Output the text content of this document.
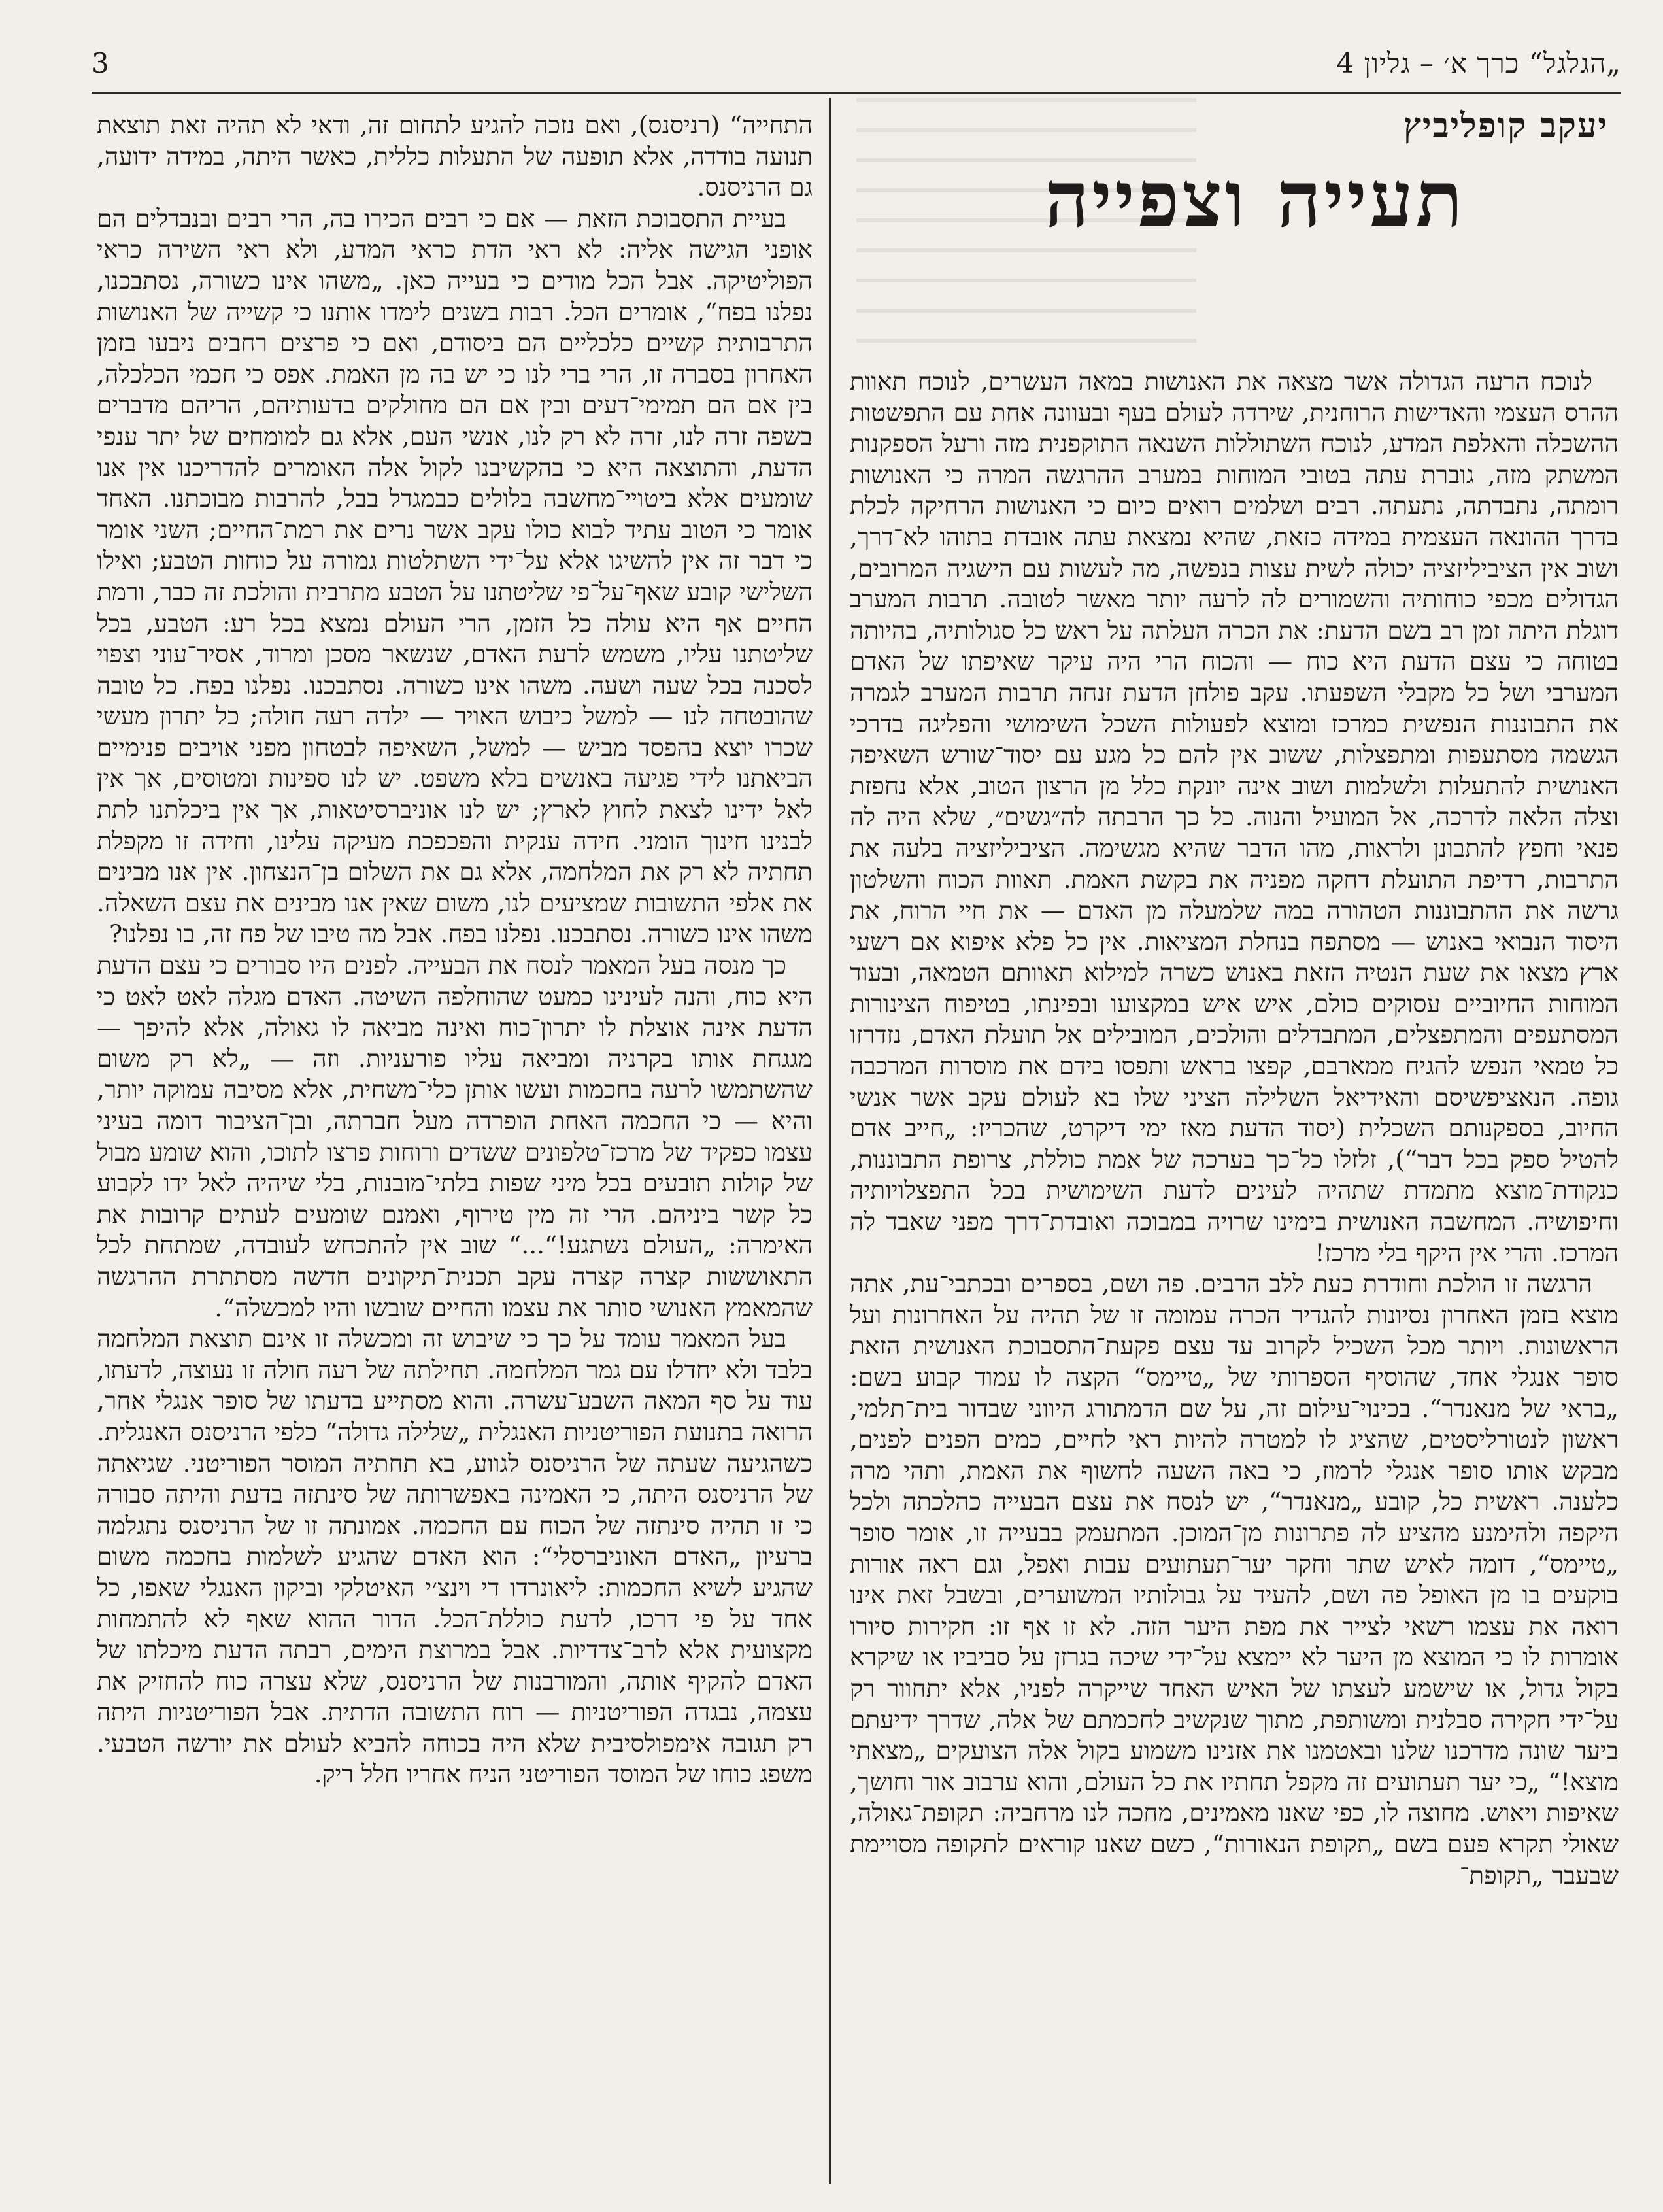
„הגלגל“ כרך א׳ – גליון 4
3
יעקב קופליביץ
תעייה וצפייה

לנוכח הרעה הגדולה אשר מצאה את האנושות במאה העשרים, לנוכח תאוות ההרס העצמי והאדישות הרוחנית, שירדה לעולם בעף ובעוונה אחת עם התפשטות ההשכלה והאלפת המדע, לנוכח השתוללות השנאה התוקפנית מזה ורעל הספקנות המשתק מזה, גוברת עתה בטובי המוחות במערב ההרגשה המרה כי האנושות רומתה, נתבדתה, נתעתה. רבים ושלמים רואים כיום כי האנושות הרחיקה לכלת בדרך ההונאה העצמית במידה כזאת, שהיא נמצאת עתה אובדת בתוהו לא־דרך, ושוב אין הציביליזציה יכולה לשית עצות בנפשה, מה לעשות עם הישגיה המרובים, הגדולים מכפי כוחותיה והשמורים לה לרעה יותר מאשר לטובה. תרבות המערב דוגלת היתה זמן רב בשם הדעת: את הכרה העלתה על ראש כל סגולותיה, בהיותה בטוחה כי עצם הדעת היא כוח — והכוח הרי היה עיקר שאיפתו של האדם המערבי ושל כל מקבלי השפעתו. עקב פולחן הדעת זנחה תרבות המערב לגמרה את התבוננות הנפשית כמרכז ומוצא לפעולות השכל השימושי והפליגה בדרכי הגשמה מסתעפות ומתפצלות, ששוב אין להם כל מגע עם יסוד־שורש השאיפה האנושית להתעלות ולשלמות ושוב אינה יונקת כלל מן הרצון הטוב, אלא נחפזת וצלה הלאה לדרכה, אל המועיל והנוה. כל כך הרבתה לה״גשים״, שלא היה לה פנאי וחפץ להתבונן ולראות, מהו הדבר שהיא מגשימה. הציביליזציה בלעה את התרבות, רדיפת התועלת דחקה מפניה את בקשת האמת. תאוות הכוח והשלטון גרשה את ההתבוננות הטהורה במה שלמעלה מן האדם — את חיי הרוח, את היסוד הנבואי באנוש — מסתפח בנחלת המציאות. אין כל פלא איפוא אם רשעי ארץ מצאו את שעת הנטיה הזאת באנוש כשרה למילוא תאוותם הטמאה, ובעוד המוחות החיוביים עסוקים כולם, איש איש במקצועו ובפינתו, בטיפוח הצינורות המסתעפים והמתפצלים, המתבדלים והולכים, המובילים אל תועלת האדם, נזדרזו כל טמאי הנפש להגיח ממארבם, קפצו בראש ותפסו בידם את מוסרות המרכבה גופה. הנאציפשיסם והאידיאל השלילה הציני שלו בא לעולם עקב אשר אנשי החיוב, בספקנותם השכלית (יסוד הדעת מאז ימי דיקרט, שהכריז: „חייב אדם להטיל ספק בכל דבר“), זלזלו כל־כך בערכה של אמת כוללת, צרופת התבוננות, כנקודת־מוצא מתמדת שתהיה לעינים לדעת השימושית בכל התפצלויותיה וחיפושיה. המחשבה האנושית בימינו שרויה במבוכה ואובדת־דרך מפני שאבד לה המרכז. והרי אין היקף בלי מרכז!

הרגשה זו הולכת וחודרת כעת ללב הרבים. פה ושם, בספרים ובכתבי־עת, אתה מוצא בזמן האחרון נסיונות להגדיר הכרה עמומה זו של תהיה על האחרונות ועל הראשונות. ויותר מכל השכיל לקרוב עד עצם פקעת־התסבוכת האנושית הזאת סופר אנגלי אחד, שהוסיף הספרותי של „טיימס“ הקצה לו עמוד קבוע בשם: „בראי של מנאנדר“. בכינוי־עילום זה, על שם הדמתורג היווני שבדור בית־תלמי, ראשון לנטורליסטים, שהציג לו למטרה להיות ראי לחיים, כמים הפנים לפנים, מבקש אותו סופר אנגלי לרמוז, כי באה השעה לחשוף את האמת, ותהי מרה כלענה. ראשית כל, קובע „מנאנדר“, יש לנסח את עצם הבעייה כהלכתה ולכל היקפה ולהימנע מהציע לה פתרונות מן־המוכן. המתעמק בבעייה זו, אומר סופר „טיימס“, דומה לאיש שתר וחקר יער־תעתועים עבות ואפל, וגם ראה אורות בוקעים בו מן האופל פה ושם, להעיד על גבולותיו המשוערים, ובשבל זאת אינו רואה את עצמו רשאי לצייר את מפת היער הזה. לא זו אף זו: חקירות סיורו אומרות לו כי המוצא מן היער לא יימצא על־ידי שיכה בגרזן על סביביו או שיקרא בקול גדול, או שישמע לעצתו של האיש האחד שייקרה לפניו, אלא יתחוור רק על־ידי חקירה סבלנית ומשותפת, מתוך שנקשיב לחכמתם של אלה, שדרך ידיעתם ביער שונה מדרכנו שלנו ובאטמנו את אזנינו משמוע בקול אלה הצועקים „מצאתי מוצא!“ „כי יער תעתועים זה מקפל תחתיו את כל העולם, והוא ערבוב אור וחושך, שאיפות ויאוש. מחוצה לו, כפי שאנו מאמינים, מחכה לנו מרחביה: תקופת־גאולה, שאולי תקרא פעם בשם „תקופת הנאורות“, כשם שאנו קוראים לתקופה מסויימת שבעבר „תקופת־

התחייה“ (רניסנס), ואם נזכה להגיע לתחום זה, ודאי לא תהיה זאת תוצאת תנועה בודדה, אלא תופעה של התעלות כללית, כאשר היתה, במידה ידועה, גם הרניסנס.

בעיית התסבוכת הזאת — אם כי רבים הכירו בה, הרי רבים ובנבדלים הם אופני הגישה אליה: לא ראי הדת כראי המדע, ולא ראי השירה כראי הפוליטיקה. אבל הכל מודים כי בעייה כאן. „משהו אינו כשורה, נסתבכנו, נפלנו בפח“, אומרים הכל. רבות בשנים לימדו אותנו כי קשייה של האנושות התרבותית קשיים כלכליים הם ביסודם, ואם כי פרצים רחבים ניבעו בזמן האחרון בסברה זו, הרי ברי לנו כי יש בה מן האמת. אפס כי חכמי הכלכלה, בין אם הם תמימי־דעים ובין אם הם מחולקים בדעותיהם, הריהם מדברים בשפה זרה לנו, זרה לא רק לנו, אנשי העם, אלא גם למומחים של יתר ענפי הדעת, והתוצאה היא כי בהקשיבנו לקול אלה האומרים להדריכנו אין אנו שומעים אלא ביטויי־מחשבה בלולים כבמגדל בבל, להרבות מבוכתנו. האחד אומר כי הטוב עתיד לבוא כולו עקב אשר נרים את רמת־החיים; השני אומר כי דבר זה אין להשיגו אלא על־ידי השתלטות גמורה על כוחות הטבע; ואילו השלישי קובע שאף־על־פי שליטתנו על הטבע מתרבית והולכת זה כבר, ורמת החיים אף היא עולה כל הזמן, הרי העולם נמצא בכל רע: הטבע, בכל שליטתנו עליו, משמש לרעת האדם, שנשאר מסכן ומרוד, אסיר־עוני וצפוי לסכנה בכל שעה ושעה. משהו אינו כשורה. נסתבכנו. נפלנו בפח. כל טובה שהובטחה לנו — למשל כיבוש האויר — ילדה רעה חולה; כל יתרון מעשי שכרו יוצא בהפסד מביש — למשל, השאיפה לבטחון מפני אויבים פנימיים הביאתנו לידי פגיעה באנשים בלא משפט. יש לנו ספינות ומטוסים, אך אין לאל ידינו לצאת לחוץ לארץ; יש לנו אוניברסיטאות, אך אין ביכלתנו לתת לבנינו חינוך הומני. חידה ענקית והפכפכת מעיקה עלינו, וחידה זו מקפלת תחתיה לא רק את המלחמה, אלא גם את השלום בן־הנצחון. אין אנו מבינים את אלפי התשובות שמציעים לנו, משום שאין אנו מבינים את עצם השאלה. משהו אינו כשורה. נסתבכנו. נפלנו בפח. אבל מה טיבו של פח זה, בו נפלנו?

כך מנסה בעל המאמר לנסח את הבעייה. לפנים היו סבורים כי עצם הדעת היא כוח, והנה לעינינו כמעט שהוחלפה השיטה. האדם מגלה לאט לאט כי הדעת אינה אוצלת לו יתרון־כוח ואינה מביאה לו גאולה, אלא להיפך — מגגחת אותו בקרניה ומביאה עליו פורעניות. וזה — „לא רק משום שהשתמשו לרעה בחכמות ועשו אותן כלי־משחית, אלא מסיבה עמוקה יותר, והיא — כי החכמה האחת הופרדה מעל חברתה, ובן־הציבור דומה בעיני עצמו כפקיד של מרכז־טלפונים ששדים ורוחות פרצו לתוכו, והוא שומע מבול של קולות תובעים בכל מיני שפות בלתי־מובנות, בלי שיהיה לאל ידו לקבוע כל קשר ביניהם. הרי זה מין טירוף, ואמנם שומעים לעתים קרובות את האימרה: „העולם נשתגע!“...“ שוב אין להתכחש לעובדה, שמתחת לכל התאוששות קצרה קצרה עקב תכנית־תיקונים חדשה מסתתרת ההרגשה שהמאמץ האנושי סותר את עצמו והחיים שובשו והיו למכשלה“.

בעל המאמר עומד על כך כי שיבוש זה ומכשלה זו אינם תוצאת המלחמה בלבד ולא יחדלו עם גמר המלחמה. תחילתה של רעה חולה זו נעוצה, לדעתו, עוד על סף המאה השבע־עשרה. והוא מסתייע בדעתו של סופר אנגלי אחר, הרואה בתנועת הפוריטניות האנגלית „שלילה גדולה“ כלפי הרניסנס האנגלית. כשהגיעה שעתה של הרניסנס לגווע, בא תחתיה המוסר הפוריטני. שגיאתה של הרניסנס היתה, כי האמינה באפשרותה של סינתזה בדעת והיתה סבורה כי זו תהיה סינתזה של הכוח עם החכמה. אמונתה זו של הרניסנס נתגלמה ברעיון „האדם האוניברסלי“: הוא האדם שהגיע לשלמות בחכמה משום שהגיע לשיא החכמות: ליאונרדו די וינצ׳י האיטלקי וביקון האנגלי שאפו, כל אחד על פי דרכו, לדעת כוללת־הכל. הדור ההוא שאף לא להתמחות מקצועית אלא לרב־צדדיות. אבל במרוצת הימים, רבתה הדעת מיכלתו של האדם להקיף אותה, והמורבנות של הרניסנס, שלא עצרה כוח להחזיק את עצמה, נבגדה הפוריטניות — רוח התשובה הדתית. אבל הפוריטניות היתה רק תגובה אימפולסיבית שלא היה בכוחה להביא לעולם את יורשה הטבעי. משפג כוחו של המוסד הפוריטני הניח אחריו חלל ריק.
